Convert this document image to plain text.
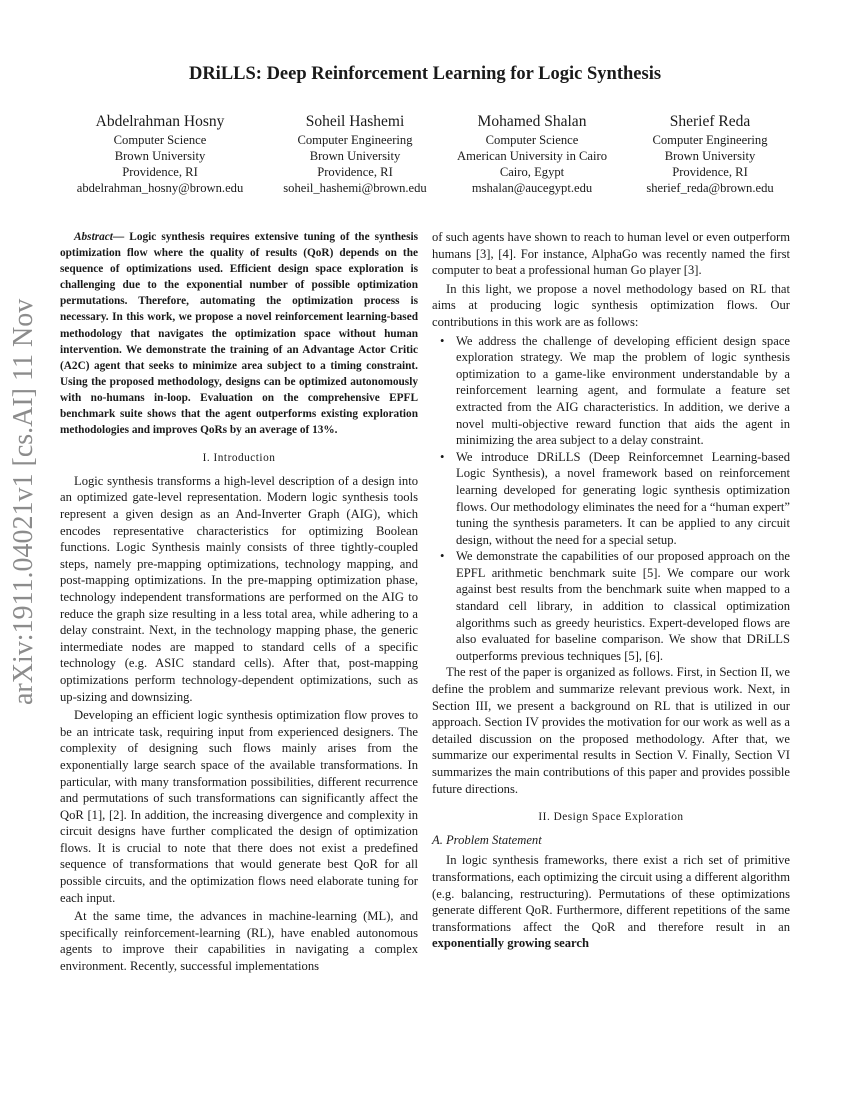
arXiv:1911.04021v1 [cs.AI] 11 Nov 2019
DRiLLS: Deep Reinforcement Learning for Logic Synthesis
Abdelrahman Hosny
Computer Science
Brown University
Providence, RI
abdelrahman_hosny@brown.edu
Soheil Hashemi
Computer Engineering
Brown University
Providence, RI
soheil_hashemi@brown.edu
Mohamed Shalan
Computer Science
American University in Cairo
Cairo, Egypt
mshalan@aucegypt.edu
Sherief Reda
Computer Engineering
Brown University
Providence, RI
sherief_reda@brown.edu

Abstract— Logic synthesis requires extensive tuning of the synthesis optimization flow where the quality of results (QoR) depends on the sequence of optimizations used. Efficient design space exploration is challenging due to the exponential number of possible optimization permutations. Therefore, automating the optimization process is necessary. In this work, we propose a novel reinforcement learning-based methodology that navigates the optimization space without human intervention. We demonstrate the training of an Advantage Actor Critic (A2C) agent that seeks to minimize area subject to a timing constraint. Using the proposed methodology, designs can be optimized autonomously with no-humans in-loop. Evaluation on the comprehensive EPFL benchmark suite shows that the agent outperforms existing exploration methodologies and improves QoRs by an average of 13%.

I. Introduction

Logic synthesis transforms a high-level description of a design into an optimized gate-level representation. Modern logic synthesis tools represent a given design as an And-Inverter Graph (AIG), which encodes representative characteristics for optimizing Boolean functions. Logic Synthesis mainly consists of three tightly-coupled steps, namely pre-mapping optimizations, technology mapping, and post-mapping optimizations. In the pre-mapping optimization phase, technology independent transformations are performed on the AIG to reduce the graph size resulting in a less total area, while adhering to a delay constraint. Next, in the technology mapping phase, the generic intermediate nodes are mapped to standard cells of a specific technology (e.g. ASIC standard cells). After that, post-mapping optimizations perform technology-dependent optimizations, such as up-sizing and downsizing.

Developing an efficient logic synthesis optimization flow proves to be an intricate task, requiring input from experienced designers. The complexity of designing such flows mainly arises from the exponentially large search space of the available transformations. In particular, with many transformation possibilities, different recurrence and permutations of such transformations can significantly affect the QoR [1], [2]. In addition, the increasing divergence and complexity in circuit designs have further complicated the design of optimization flows. It is crucial to note that there does not exist a predefined sequence of transformations that would generate best QoR for all possible circuits, and the optimization flows need elaborate tuning for each input.

At the same time, the advances in machine-learning (ML), and specifically reinforcement-learning (RL), have enabled autonomous agents to improve their capabilities in navigating a complex environment. Recently, successful implementations

of such agents have shown to reach to human level or even outperform humans [3], [4]. For instance, AlphaGo was recently named the first computer to beat a professional human Go player [3].

In this light, we propose a novel methodology based on RL that aims at producing logic synthesis optimization flows. Our contributions in this work are as follows:

• We address the challenge of developing efficient design space exploration strategy. We map the problem of logic synthesis optimization to a game-like environment understandable by a reinforcement learning agent, and formulate a feature set extracted from the AIG characteristics. In addition, we derive a novel multi-objective reward function that aids the agent in minimizing the area subject to a delay constraint.
• We introduce DRiLLS (Deep Reinforcemnet Learning-based Logic Synthesis), a novel framework based on reinforcement learning developed for generating logic synthesis optimization flows. Our methodology eliminates the need for a “human expert” tuning the synthesis parameters. It can be applied to any circuit design, without the need for a special setup.
• We demonstrate the capabilities of our proposed approach on the EPFL arithmetic benchmark suite [5]. We compare our work against best results from the benchmark suite when mapped to a standard cell library, in addition to classical optimization algorithms such as greedy heuristics. Expert-developed flows are also evaluated for baseline comparison. We show that DRiLLS outperforms previous techniques [5], [6].

The rest of the paper is organized as follows. First, in Section II, we define the problem and summarize relevant previous work. Next, in Section III, we present a background on RL that is utilized in our approach. Section IV provides the motivation for our work as well as a detailed discussion on the proposed methodology. After that, we summarize our experimental results in Section V. Finally, Section VI summarizes the main contributions of this paper and provides possible future directions.

II. Design Space Exploration
A. Problem Statement

In logic synthesis frameworks, there exist a rich set of primitive transformations, each optimizing the circuit using a different algorithm (e.g. balancing, restructuring). Permutations of these optimizations generate different QoR. Furthermore, different repetitions of the same transformations affect the QoR and therefore result in an exponentially growing search
